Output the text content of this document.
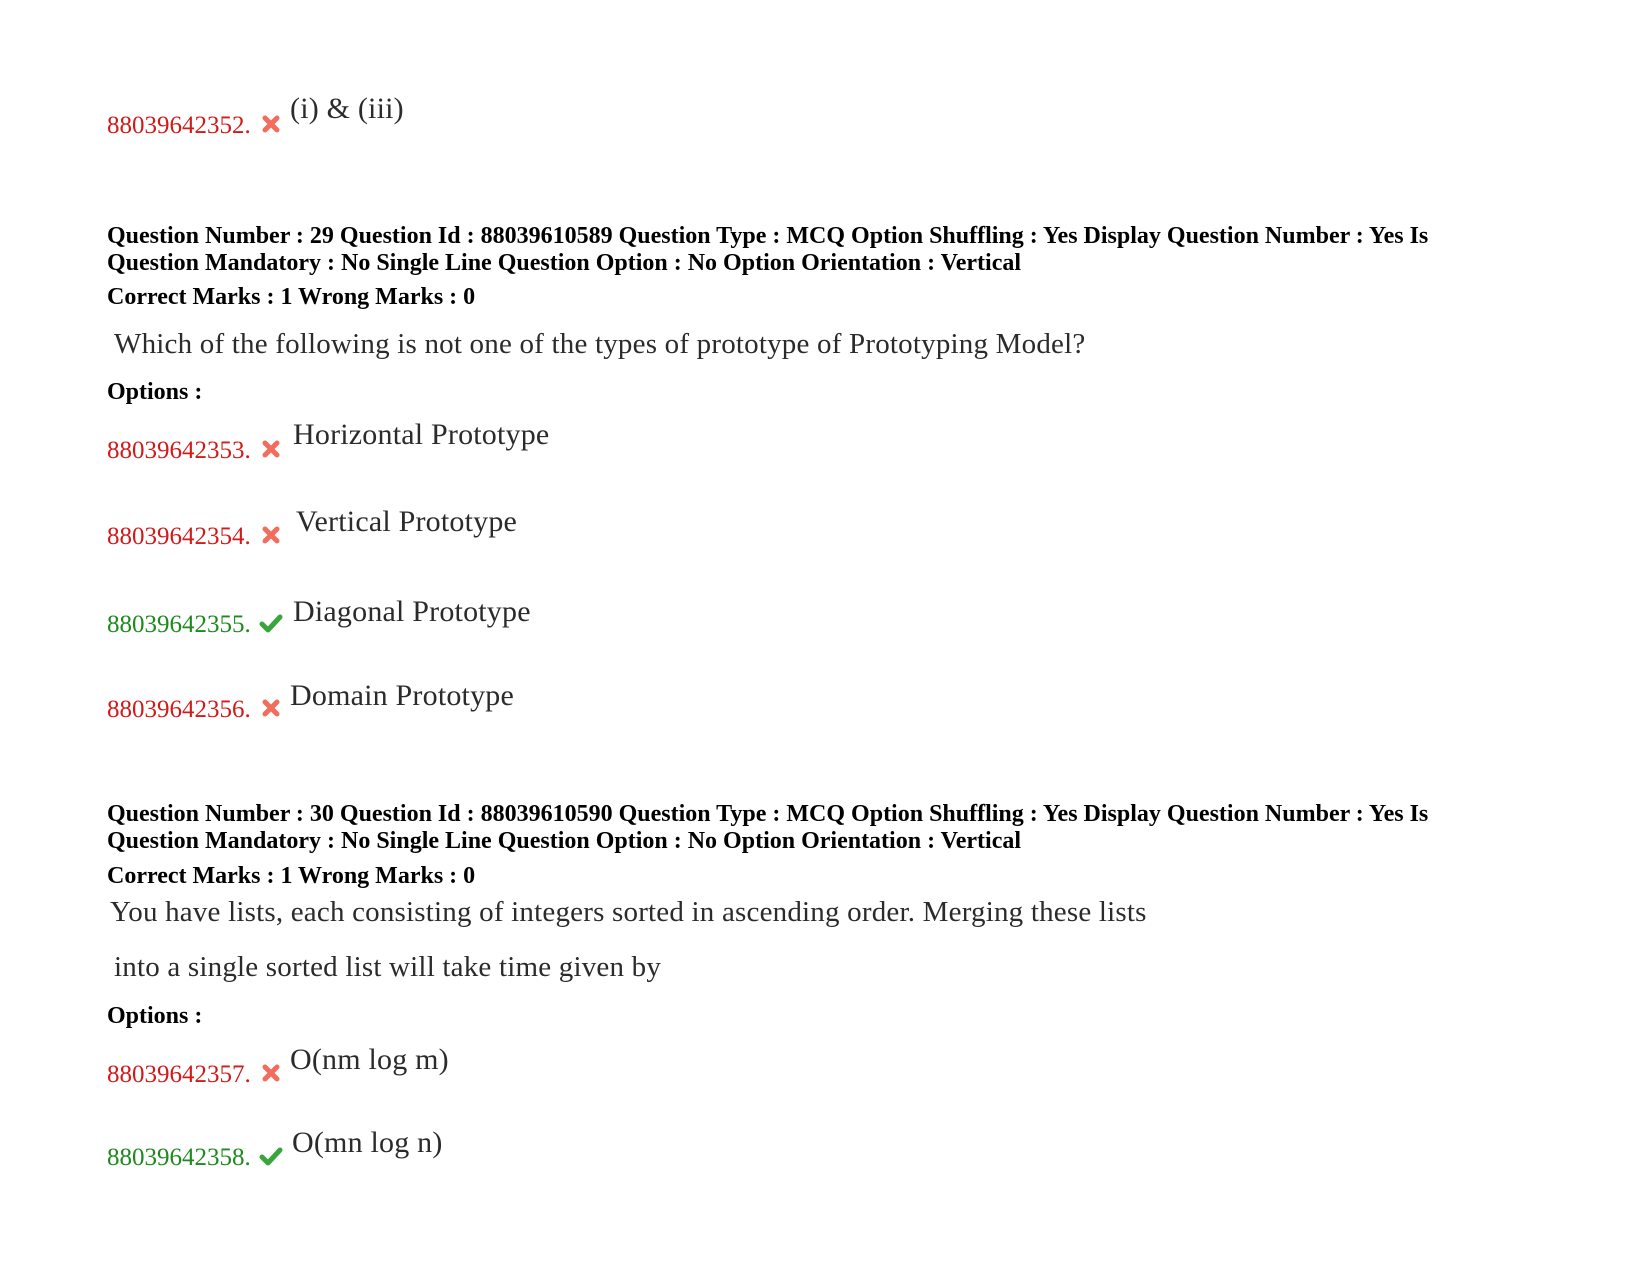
88039642352.
(i) & (iii)
Question Number : 29 Question Id : 88039610589 Question Type : MCQ Option Shuffling : Yes Display Question Number : Yes Is
Question Mandatory : No Single Line Question Option : No Option Orientation : Vertical
Correct Marks : 1 Wrong Marks : 0
Which of the following is not one of the types of prototype of Prototyping Model?
Options :
88039642353. Horizontal Prototype
88039642354. Vertical Prototype
88039642355. Diagonal Prototype
88039642356. Domain Prototype
Question Number : 30 Question Id : 88039610590 Question Type : MCQ Option Shuffling : Yes Display Question Number : Yes Is
Question Mandatory : No Single Line Question Option : No Option Orientation : Vertical
Correct Marks : 1 Wrong Marks : 0
You have lists, each consisting of integers sorted in ascending order. Merging these lists
into a single sorted list will take time given by
Options :
88039642357. O(nm log m)
88039642358. O(mn log n)
